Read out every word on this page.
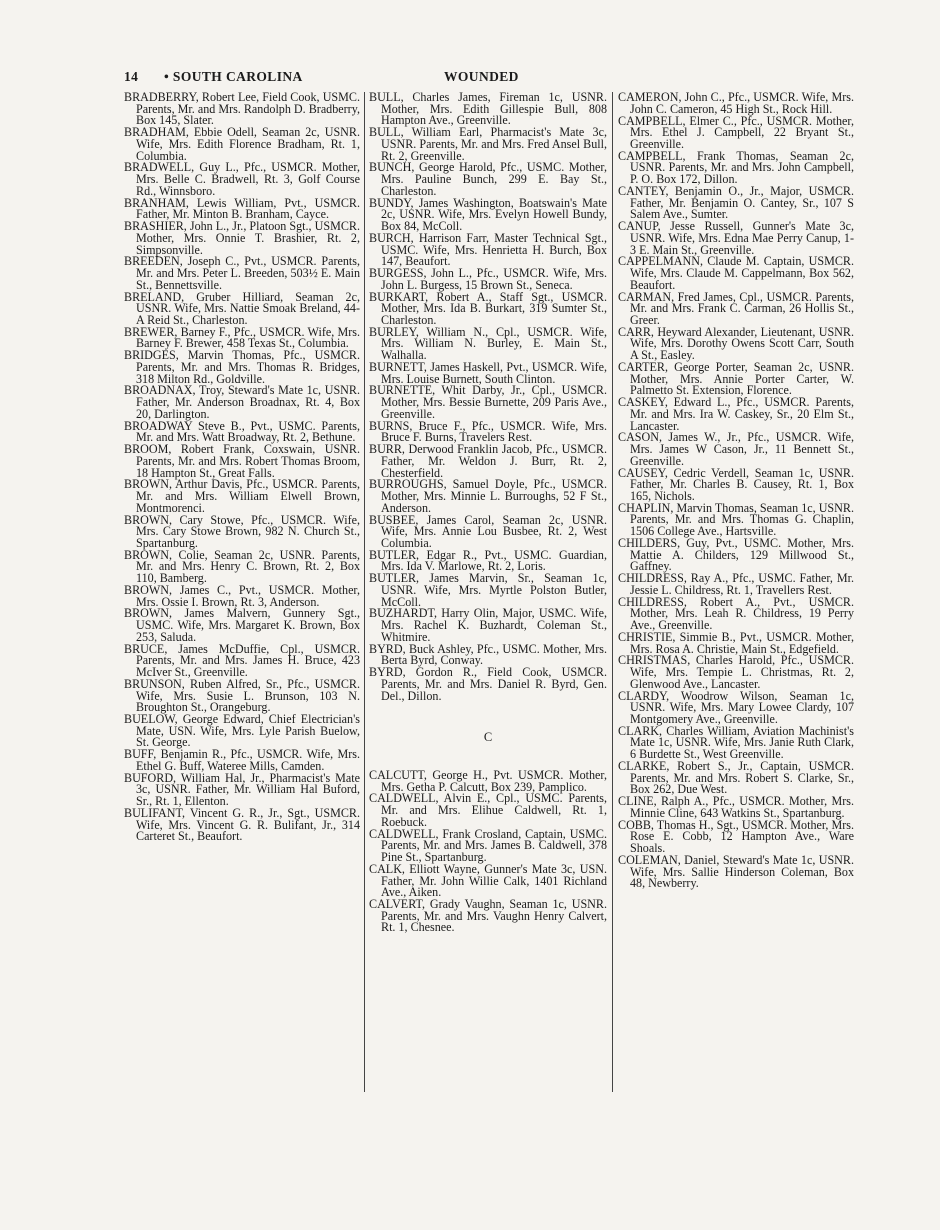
14 • SOUTH CAROLINA	WOUNDED

BRADBERRY, Robert Lee, Field Cook, USMC. Parents, Mr. and Mrs. Randolph D. Bradberry, Box 145, Slater.

BRADHAM, Ebbie Odell, Seaman 2c, USNR. Wife, Mrs. Edith Florence Bradham, Rt. 1, Columbia.

BRADWELL, Guy L., Pfc., USMCR. Mother, Mrs. Belle C. Bradwell, Rt. 3, Golf Course Rd., Winnsboro.

BRANHAM, Lewis William, Pvt., USMCR. Father, Mr. Minton B. Branham, Cayce.

BRASHIER, John L., Jr., Platoon Sgt., USMCR. Mother, Mrs. Onnie T. Brashier, Rt. 2, Simpsonville.

BREEDEN, Joseph C., Pvt., USMCR. Parents, Mr. and Mrs. Peter L. Breeden, 503½ E. Main St., Bennettsville.

BRELAND, Gruber Hilliard, Seaman 2c, USNR. Wife, Mrs. Nattie Smoak Breland, 44-A Reid St., Charleston.

BREWER, Barney F., Pfc., USMCR. Wife, Mrs. Barney F. Brewer, 458 Texas St., Columbia.

BRIDGES, Marvin Thomas, Pfc., USMCR. Parents, Mr. and Mrs. Thomas R. Bridges, 318 Milton Rd., Goldville.

BROADNAX, Troy, Steward's Mate 1c, USNR. Father, Mr. Anderson Broadnax, Rt. 4, Box 20, Darlington.

BROADWAY Steve B., Pvt., USMC. Parents, Mr. and Mrs. Watt Broadway, Rt. 2, Bethune.

BROOM, Robert Frank, Coxswain, USNR. Parents, Mr. and Mrs. Robert Thomas Broom, 18 Hampton St., Great Falls.

BROWN, Arthur Davis, Pfc., USMCR. Parents, Mr. and Mrs. William Elwell Brown, Montmorenci.

BROWN, Cary Stowe, Pfc., USMCR. Wife, Mrs. Cary Stowe Brown, 982 N. Church St., Spartanburg.

BROWN, Colie, Seaman 2c, USNR. Parents, Mr. and Mrs. Henry C. Brown, Rt. 2, Box 110, Bamberg.

BROWN, James C., Pvt., USMCR. Mother, Mrs. Ossie I. Brown, Rt. 3, Anderson.

BROWN, James Malvern, Gunnery Sgt., USMC. Wife, Mrs. Margaret K. Brown, Box 253, Saluda.

BRUCE, James McDuffie, Cpl., USMCR. Parents, Mr. and Mrs. James H. Bruce, 423 McIver St., Greenville.

BRUNSON, Ruben Alfred, Sr., Pfc., USMCR. Wife, Mrs. Susie L. Brunson, 103 N. Broughton St., Orangeburg.

BUELOW, George Edward, Chief Electrician's Mate, USN. Wife, Mrs. Lyle Parish Buelow, St. George.

BUFF, Benjamin R., Pfc., USMCR. Wife, Mrs. Ethel G. Buff, Wateree Mills, Camden.

BUFORD, William Hal, Jr., Pharmacist's Mate 3c, USNR. Father, Mr. William Hal Buford, Sr., Rt. 1, Ellenton.

BULIFANT, Vincent G. R., Jr., Sgt., USMCR. Wife, Mrs. Vincent G. R. Bulifant, Jr., 314 Carteret St., Beaufort.

BULL, Charles James, Fireman 1c, USNR. Mother, Mrs. Edith Gillespie Bull, 808 Hampton Ave., Greenville.

BULL, William Earl, Pharmacist's Mate 3c, USNR. Parents, Mr. and Mrs. Fred Ansel Bull, Rt. 2, Greenville.

BUNCH, George Harold, Pfc., USMC. Mother, Mrs. Pauline Bunch, 299 E. Bay St., Charleston.

BUNDY, James Washington, Boatswain's Mate 2c, USNR. Wife, Mrs. Evelyn Howell Bundy, Box 84, McColl.

BURCH, Harrison Farr, Master Technical Sgt., USMC. Wife, Mrs. Henrietta H. Burch, Box 147, Beaufort.

BURGESS, John L., Pfc., USMCR. Wife, Mrs. John L. Burgess, 15 Brown St., Seneca.

BURKART, Robert A., Staff Sgt., USMCR. Mother, Mrs. Ida B. Burkart, 319 Sumter St., Charleston.

BURLEY, William N., Cpl., USMCR. Wife, Mrs. William N. Burley, E. Main St., Walhalla.

BURNETT, James Haskell, Pvt., USMCR. Wife, Mrs. Louise Burnett, South Clinton.

BURNETTE, Whit Darby, Jr., Cpl., USMCR. Mother, Mrs. Bessie Burnette, 209 Paris Ave., Greenville.

BURNS, Bruce F., Pfc., USMCR. Wife, Mrs. Bruce F. Burns, Travelers Rest.

BURR, Derwood Franklin Jacob, Pfc., USMCR. Father, Mr. Weldon J. Burr, Rt. 2, Chesterfield.

BURROUGHS, Samuel Doyle, Pfc., USMCR. Mother, Mrs. Minnie L. Burroughs, 52 F St., Anderson.

BUSBEE, James Carol, Seaman 2c, USNR. Wife, Mrs. Annie Lou Busbee, Rt. 2, West Columbia.

BUTLER, Edgar R., Pvt., USMC. Guardian, Mrs. Ida V. Marlowe, Rt. 2, Loris.

BUTLER, James Marvin, Sr., Seaman 1c, USNR. Wife, Mrs. Myrtle Polston Butler, McColl.

BUZHARDT, Harry Olin, Major, USMC. Wife, Mrs. Rachel K. Buzhardt, Coleman St., Whitmire.

BYRD, Buck Ashley, Pfc., USMC. Mother, Mrs. Berta Byrd, Conway.

BYRD, Gordon R., Field Cook, USMCR. Parents, Mr. and Mrs. Daniel R. Byrd, Gen. Del., Dillon.

C

CALCUTT, George H., Pvt. USMCR. Mother, Mrs. Getha P. Calcutt, Box 239, Pamplico.

CALDWELL, Alvin E., Cpl., USMC. Parents, Mr. and Mrs. Elihue Caldwell, Rt. 1, Roebuck.

CALDWELL, Frank Crosland, Captain, USMC. Parents, Mr. and Mrs. James B. Caldwell, 378 Pine St., Spartanburg.

CALK, Elliott Wayne, Gunner's Mate 3c, USN. Father, Mr. John Willie Calk, 1401 Richland Ave., Aiken.

CALVERT, Grady Vaughn, Seaman 1c, USNR. Parents, Mr. and Mrs. Vaughn Henry Calvert, Rt. 1, Chesnee.

CAMERON, John C., Pfc., USMCR. Wife, Mrs. John C. Cameron, 45 High St., Rock Hill.

CAMPBELL, Elmer C., Pfc., USMCR. Mother, Mrs. Ethel J. Campbell, 22 Bryant St., Greenville.

CAMPBELL, Frank Thomas, Seaman 2c, USNR. Parents, Mr. and Mrs. John Campbell, P. O. Box 172, Dillon.

CANTEY, Benjamin O., Jr., Major, USMCR. Father, Mr. Benjamin O. Cantey, Sr., 107 S Salem Ave., Sumter.

CANUP, Jesse Russell, Gunner's Mate 3c, USNR. Wife, Mrs. Edna Mae Perry Canup, 1-3 E. Main St., Greenville.

CAPPELMANN, Claude M. Captain, USMCR. Wife, Mrs. Claude M. Cappelmann, Box 562, Beaufort.

CARMAN, Fred James, Cpl., USMCR. Parents, Mr. and Mrs. Frank C. Carman, 26 Hollis St., Greer.

CARR, Heyward Alexander, Lieutenant, USNR. Wife, Mrs. Dorothy Owens Scott Carr, South A St., Easley.

CARTER, George Porter, Seaman 2c, USNR. Mother, Mrs. Annie Porter Carter, W. Palmetto St. Extension, Florence.

CASKEY, Edward L., Pfc., USMCR. Parents, Mr. and Mrs. Ira W. Caskey, Sr., 20 Elm St., Lancaster.

CASON, James W., Jr., Pfc., USMCR. Wife, Mrs. James W Cason, Jr., 11 Bennett St., Greenville.

CAUSEY, Cedric Verdell, Seaman 1c, USNR. Father, Mr. Charles B. Causey, Rt. 1, Box 165, Nichols.

CHAPLIN, Marvin Thomas, Seaman 1c, USNR. Parents, Mr. and Mrs. Thomas G. Chaplin, 1506 College Ave., Hartsville.

CHILDERS, Guy, Pvt., USMC. Mother, Mrs. Mattie A. Childers, 129 Millwood St., Gaffney.

CHILDRESS, Ray A., Pfc., USMC. Father, Mr. Jessie L. Childress, Rt. 1, Travellers Rest.

CHILDRESS, Robert A., Pvt., USMCR. Mother, Mrs. Leah R. Childress, 19 Perry Ave., Greenville.

CHRISTIE, Simmie B., Pvt., USMCR. Mother, Mrs. Rosa A. Christie, Main St., Edgefield.

CHRISTMAS, Charles Harold, Pfc., USMCR. Wife, Mrs. Tempie L. Christmas, Rt. 2, Glenwood Ave., Lancaster.

CLARDY, Woodrow Wilson, Seaman 1c, USNR. Wife, Mrs. Mary Lowee Clardy, 107 Montgomery Ave., Greenville.

CLARK, Charles William, Aviation Machinist's Mate 1c, USNR. Wife, Mrs. Janie Ruth Clark, 6 Burdette St., West Greenville.

CLARKE, Robert S., Jr., Captain, USMCR. Parents, Mr. and Mrs. Robert S. Clarke, Sr., Box 262, Due West.

CLINE, Ralph A., Pfc., USMCR. Mother, Mrs. Minnie Cline, 643 Watkins St., Spartanburg.

COBB, Thomas H., Sgt., USMCR. Mother, Mrs. Rose E. Cobb, 12 Hampton Ave., Ware Shoals.

COLEMAN, Daniel, Steward's Mate 1c, USNR. Wife, Mrs. Sallie Hinderson Coleman, Box 48, Newberry.
